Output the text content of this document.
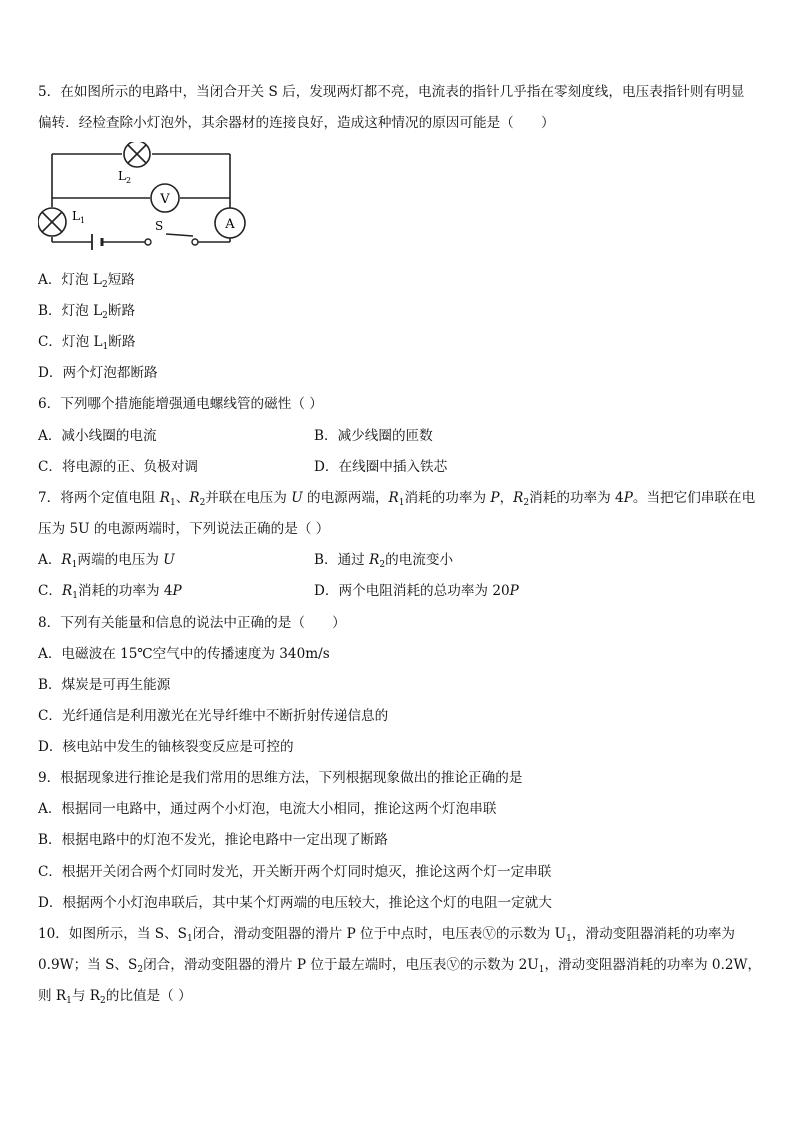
5．在如图所示的电路中，当闭合开关 S 后，发现两灯都不亮，电流表的指针几乎指在零刻度线，电压表指针则有明显
偏转．经检查除小灯泡外，其余器材的连接良好，造成这种情况的原因可能是（　　）
$L_2$
V
$L_1$	A
S
A．灯泡 $L_2$短路
B．灯泡 $L_2$断路
C．灯泡 $L_1$断路
D．两个灯泡都断路
6．下列哪个措施能增强通电螺线管的磁性（ ）
A．减小线圈的电流	B．减少线圈的匝数
C．将电源的正、负极对调	D．在线圈中插入铁芯
7．将两个定值电阻 $R_1$、$R_2$并联在电压为 U 的电源两端，$R_1$消耗的功率为 P，$R_2$消耗的功率为 4P。当把它们串联在电
压为 5U 的电源两端时，下列说法正确的是（ ）
A．$R_1$两端的电压为 U	B．通过 $R_2$的电流变小
C．$R_1$消耗的功率为 4P	D．两个电阻消耗的总功率为 20P
8．下列有关能量和信息的说法中正确的是（　　）
A．电磁波在 15℃空气中的传播速度为 340m/s
B．煤炭是可再生能源
C．光纤通信是利用激光在光导纤维中不断折射传递信息的
D．核电站中发生的铀核裂变反应是可控的
9．根据现象进行推论是我们常用的思维方法，下列根据现象做出的推论正确的是
A．根据同一电路中，通过两个小灯泡，电流大小相同，推论这两个灯泡串联
B．根据电路中的灯泡不发光，推论电路中一定出现了断路
C．根据开关闭合两个灯同时发光，开关断开两个灯同时熄灭，推论这两个灯一定串联
D．根据两个小灯泡串联后，其中某个灯两端的电压较大，推论这个灯的电阻一定就大
10．如图所示，当 S、$S_1$闭合，滑动变阻器的滑片 P 位于中点时，电压表Ⓥ的示数为 $U_1$，滑动变阻器消耗的功率为
0.9W；当 S、$S_2$闭合，滑动变阻器的滑片 P 位于最左端时，电压表Ⓥ的示数为 $2U_1$，滑动变阻器消耗的功率为 0.2W，
则 $R_1$与 $R_2$的比值是（ ）
